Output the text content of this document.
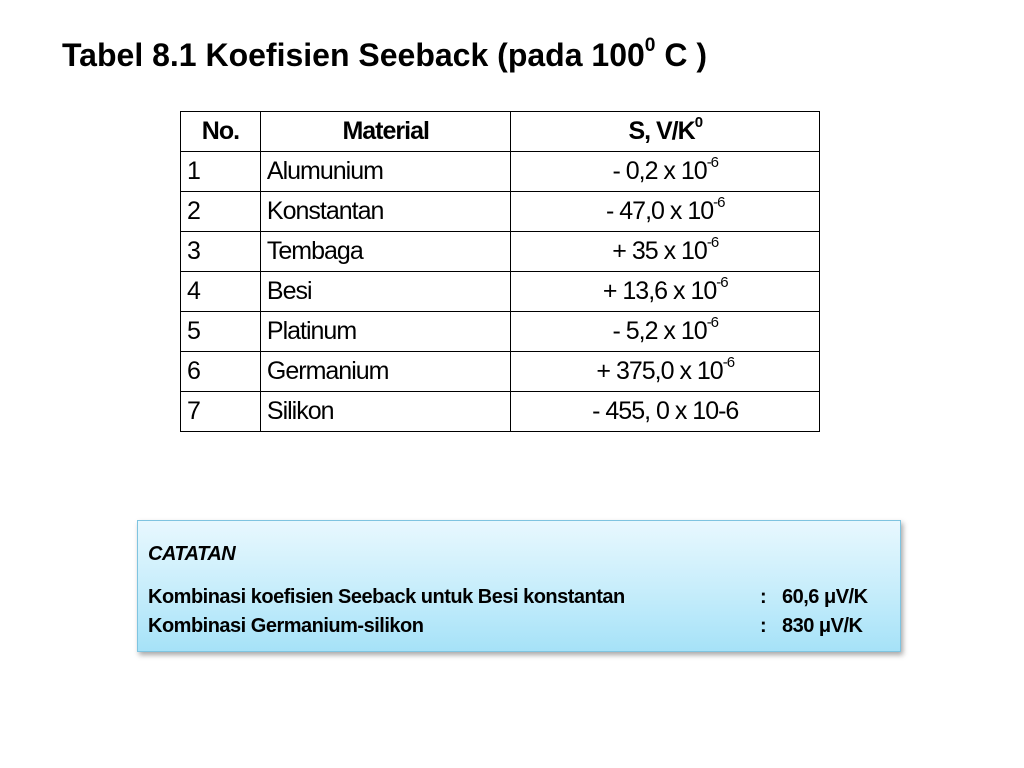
Tabel 8.1 Koefisien Seeback (pada $100^0$ C )
No.	Material	S, $V/K^0$
1	Alumunium	- 0,2 x $10^{-6}$
2	Konstantan	- 47,0 x $10^{-6}$
3	Tembaga	+ 35 x $10^{-6}$
4	Besi	+ 13,6 x $10^{-6}$
5	Platinum	- 5,2 x $10^{-6}$
6	Germanium	+ 375,0 x $10^{-6}$
7	Silikon	- 455, 0 x 10-6
CATATAN
Kombinasi koefisien Seeback untuk Besi konstantan	: 60,6 μV/K
Kombinasi Germanium-silikon	: 830 μV/K
